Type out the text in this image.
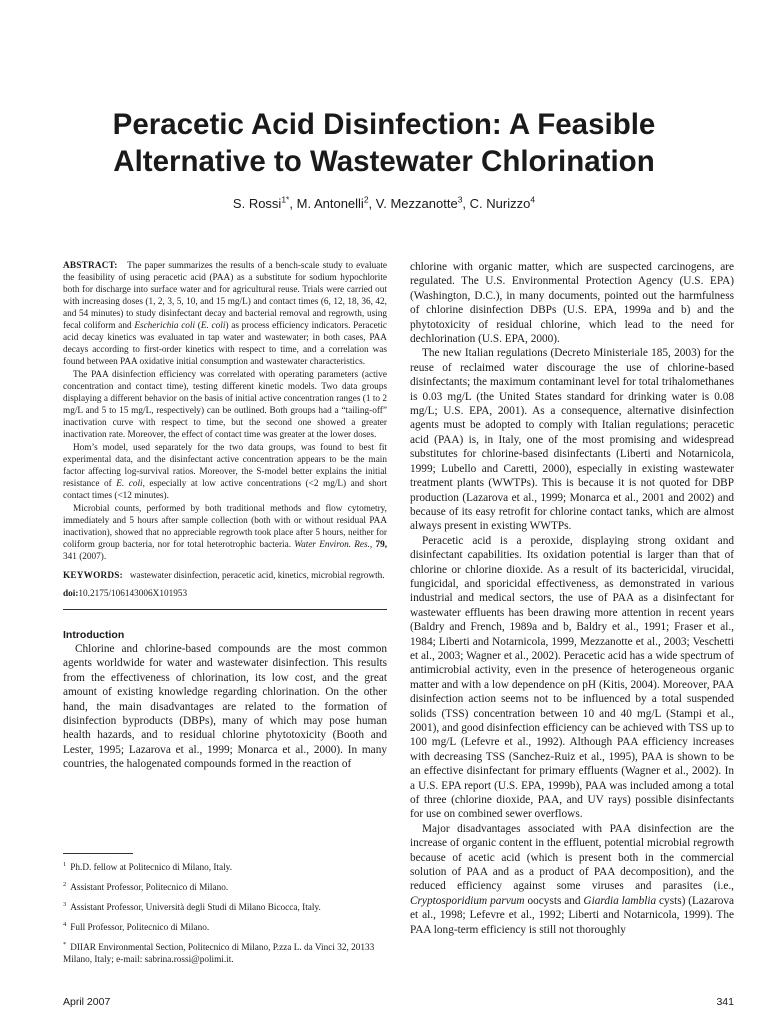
Peracetic Acid Disinfection: A Feasible
Alternative to Wastewater Chlorination

S. Rossi$^{1*}$, M. Antonelli$^2$, V. Mezzanotte$^3$, C. Nurizzo$^4$

ABSTRACT: The paper summarizes the results of a bench-scale study to evaluate the feasibility of using peracetic acid (PAA) as a substitute for sodium hypochlorite both for discharge into surface water and for agricultural reuse. Trials were carried out with increasing doses (1, 2, 3, 5, 10, and 15 mg/L) and contact times (6, 12, 18, 36, 42, and 54 minutes) to study disinfectant decay and bacterial removal and regrowth, using fecal coliform and Escherichia coli (E. coli) as process efficiency indicators. Peracetic acid decay kinetics was evaluated in tap water and wastewater; in both cases, PAA decays according to first-order kinetics with respect to time, and a correlation was found between PAA oxidative initial consumption and wastewater characteristics.

The PAA disinfection efficiency was correlated with operating parameters (active concentration and contact time), testing different kinetic models. Two data groups displaying a different behavior on the basis of initial active concentration ranges (1 to 2 mg/L and 5 to 15 mg/L, respectively) can be outlined. Both groups had a “tailing-off” inactivation curve with respect to time, but the second one showed a greater inactivation rate. Moreover, the effect of contact time was greater at the lower doses.

Hom’s model, used separately for the two data groups, was found to best fit experimental data, and the disinfectant active concentration appears to be the main factor affecting log-survival ratios. Moreover, the S-model better explains the initial resistance of E. coli, especially at low active concentrations (<2 mg/L) and short contact times (<12 minutes).

Microbial counts, performed by both traditional methods and flow cytometry, immediately and 5 hours after sample collection (both with or without residual PAA inactivation), showed that no appreciable regrowth took place after 5 hours, neither for coliform group bacteria, nor for total heterotrophic bacteria. Water Environ. Res., 79, 341 (2007).

KEYWORDS: wastewater disinfection, peracetic acid, kinetics, microbial regrowth.

doi:10.2175/106143006X101953

Introduction

Chlorine and chlorine-based compounds are the most common agents worldwide for water and wastewater disinfection. This results from the effectiveness of chlorination, its low cost, and the great amount of existing knowledge regarding chlorination. On the other hand, the main disadvantages are related to the formation of disinfection byproducts (DBPs), many of which may pose human health hazards, and to residual chlorine phytotoxicity (Booth and Lester, 1995; Lazarova et al., 1999; Monarca et al., 2000). In many countries, the halogenated compounds formed in the reaction of

$^1$ Ph.D. fellow at Politecnico di Milano, Italy.

$^2$ Assistant Professor, Politecnico di Milano.

$^3$ Assistant Professor, Università degli Studi di Milano Bicocca, Italy.

$^4$ Full Professor, Politecnico di Milano.

* DIIAR Environmental Section, Politecnico di Milano, P.zza L. da Vinci 32, 20133 Milano, Italy; e-mail: sabrina.rossi@polimi.it.

chlorine with organic matter, which are suspected carcinogens, are regulated. The U.S. Environmental Protection Agency (U.S. EPA) (Washington, D.C.), in many documents, pointed out the harmfulness of chlorine disinfection DBPs (U.S. EPA, 1999a and b) and the phytotoxicity of residual chlorine, which lead to the need for dechlorination (U.S. EPA, 2000).

The new Italian regulations (Decreto Ministeriale 185, 2003) for the reuse of reclaimed water discourage the use of chlorine-based disinfectants; the maximum contaminant level for total trihalomethanes is 0.03 mg/L (the United States standard for drinking water is 0.08 mg/L; U.S. EPA, 2001). As a consequence, alternative disinfection agents must be adopted to comply with Italian regulations; peracetic acid (PAA) is, in Italy, one of the most promising and widespread substitutes for chlorine-based disinfectants (Liberti and Notarnicola, 1999; Lubello and Caretti, 2000), especially in existing wastewater treatment plants (WWTPs). This is because it is not quoted for DBP production (Lazarova et al., 1999; Monarca et al., 2001 and 2002) and because of its easy retrofit for chlorine contact tanks, which are almost always present in existing WWTPs.

Peracetic acid is a peroxide, displaying strong oxidant and disinfectant capabilities. Its oxidation potential is larger than that of chlorine or chlorine dioxide. As a result of its bactericidal, virucidal, fungicidal, and sporicidal effectiveness, as demonstrated in various industrial and medical sectors, the use of PAA as a disinfectant for wastewater effluents has been drawing more attention in recent years (Baldry and French, 1989a and b, Baldry et al., 1991; Fraser et al., 1984; Liberti and Notarnicola, 1999, Mezzanotte et al., 2003; Veschetti et al., 2003; Wagner et al., 2002). Peracetic acid has a wide spectrum of antimicrobial activity, even in the presence of heterogeneous organic matter and with a low dependence on pH (Kitis, 2004). Moreover, PAA disinfection action seems not to be influenced by a total suspended solids (TSS) concentration between 10 and 40 mg/L (Stampi et al., 2001), and good disinfection efficiency can be achieved with TSS up to 100 mg/L (Lefevre et al., 1992). Although PAA efficiency increases with decreasing TSS (Sanchez-Ruiz et al., 1995), PAA is shown to be an effective disinfectant for primary effluents (Wagner et al., 2002). In a U.S. EPA report (U.S. EPA, 1999b), PAA was included among a total of three (chlorine dioxide, PAA, and UV rays) possible disinfectants for use on combined sewer overflows.

Major disadvantages associated with PAA disinfection are the increase of organic content in the effluent, potential microbial regrowth because of acetic acid (which is present both in the commercial solution of PAA and as a product of PAA decomposition), and the reduced efficiency against some viruses and parasites (i.e., Cryptosporidium parvum oocysts and Giardia lamblia cysts) (Lazarova et al., 1998; Lefevre et al., 1992; Liberti and Notarnicola, 1999). The PAA long-term efficiency is still not thoroughly

April 2007	341
